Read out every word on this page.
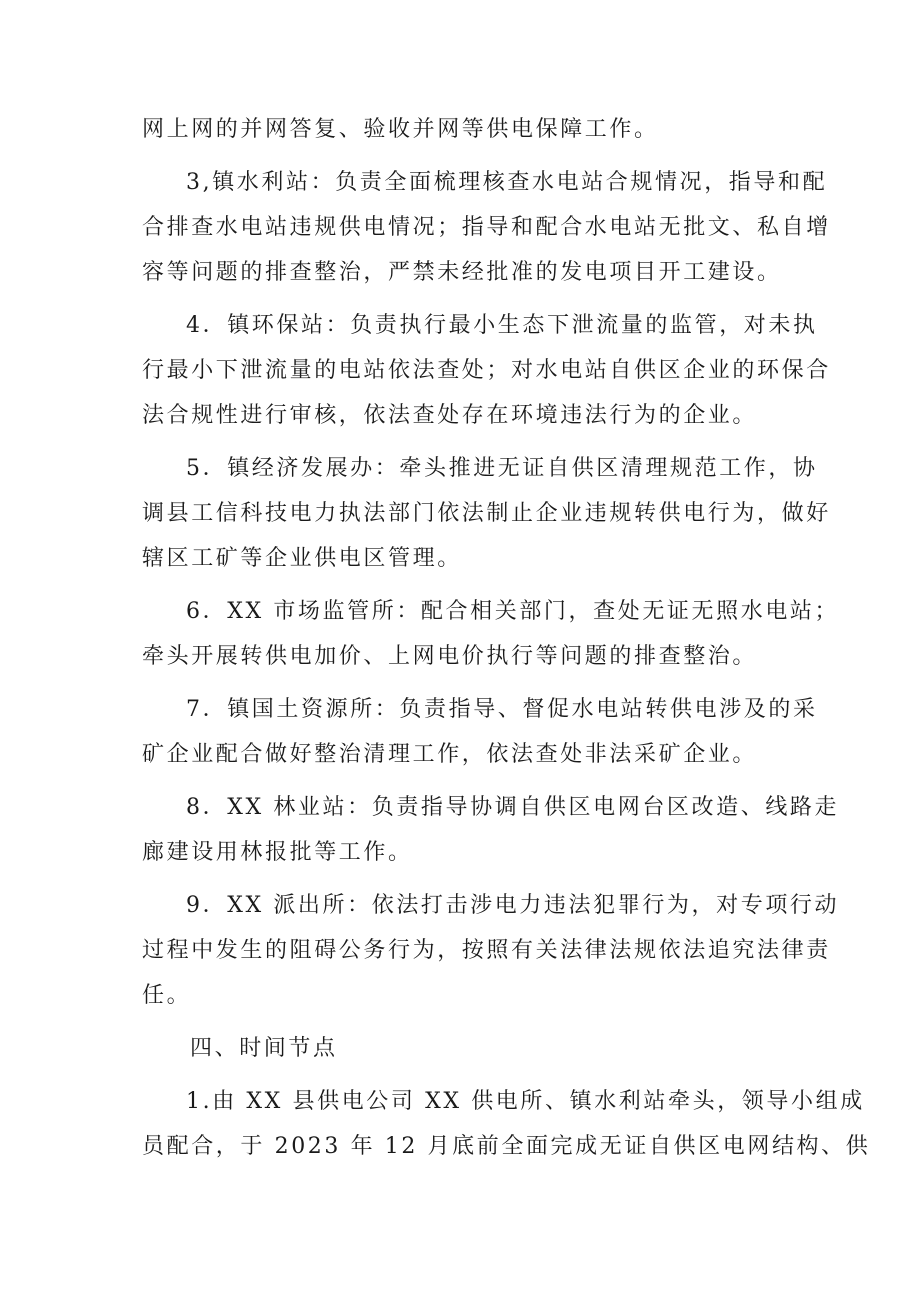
网上网的并网答复、验收并网等供电保障工作。
3,镇水利站：负责全面梳理核查水电站合规情况，指导和配
合排查水电站违规供电情况；指导和配合水电站无批文、私自增
容等问题的排查整治，严禁未经批准的发电项目开工建设。
4．镇环保站：负责执行最小生态下泄流量的监管，对未执
行最小下泄流量的电站依法查处；对水电站自供区企业的环保合
法合规性进行审核，依法查处存在环境违法行为的企业。
5．镇经济发展办：牵头推进无证自供区清理规范工作，协
调县工信科技电力执法部门依法制止企业违规转供电行为，做好
辖区工矿等企业供电区管理。
6．XX 市场监管所：配合相关部门，查处无证无照水电站；
牵头开展转供电加价、上网电价执行等问题的排查整治。
7．镇国土资源所：负责指导、督促水电站转供电涉及的采
矿企业配合做好整治清理工作，依法查处非法采矿企业。
8．XX 林业站：负责指导协调自供区电网台区改造、线路走
廊建设用林报批等工作。
9．XX 派出所：依法打击涉电力违法犯罪行为，对专项行动
过程中发生的阻碍公务行为，按照有关法律法规依法追究法律责
任。
四、时间节点
1.由 XX 县供电公司 XX 供电所、镇水利站牵头，领导小组成
员配合，于 2023 年 12 月底前全面完成无证自供区电网结构、供
